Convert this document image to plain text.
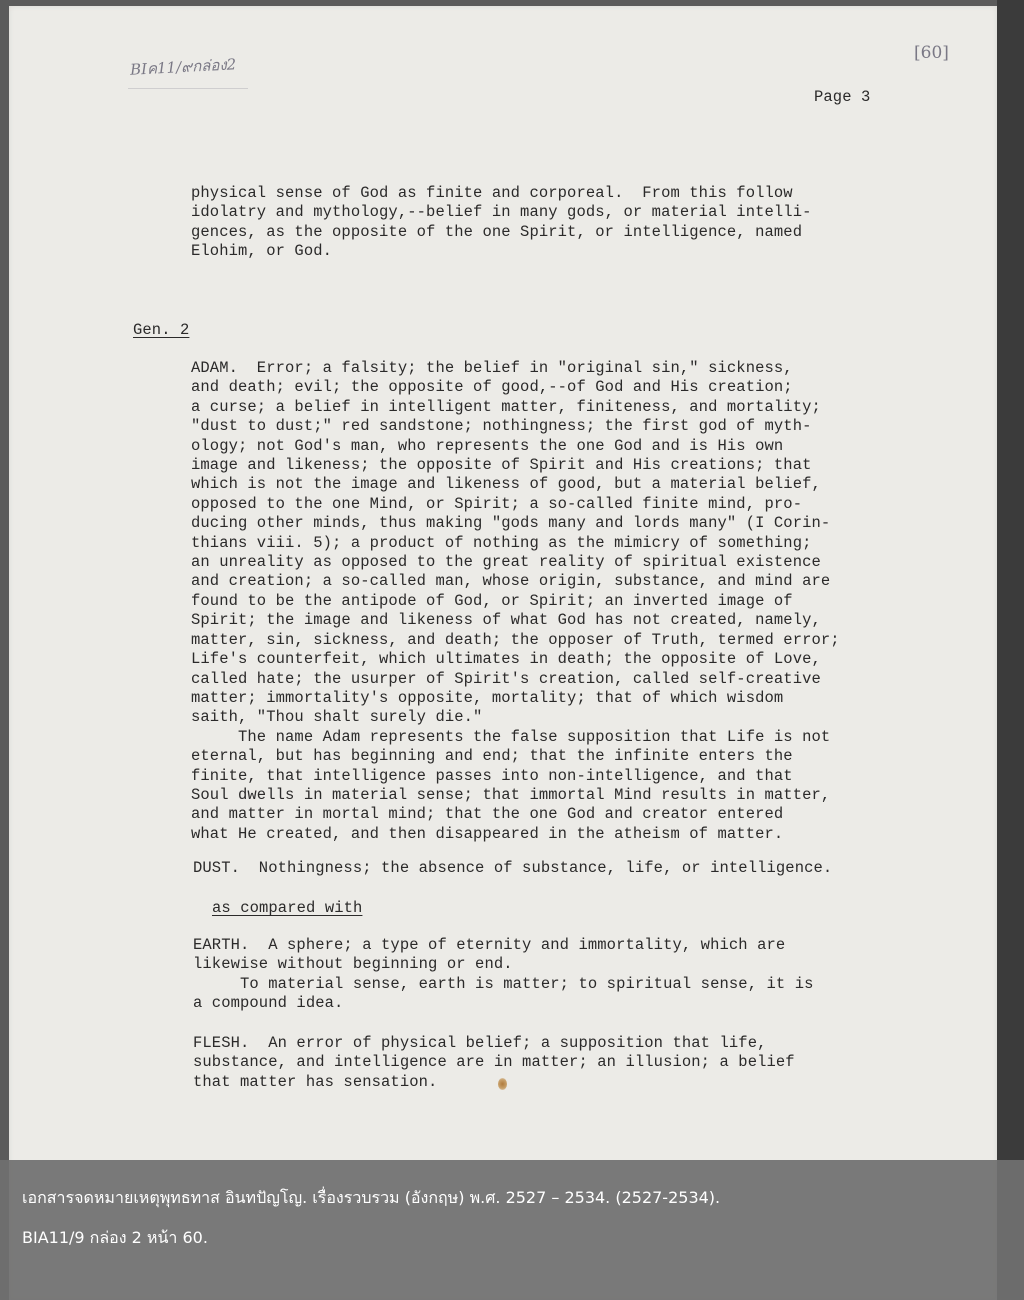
BIค11/๙กล่อง2
[60]
Page 3
physical sense of God as finite and corporeal.  From this follow
idolatry and mythology,--belief in many gods, or material intelli-
gences, as the opposite of the one Spirit, or intelligence, named
Elohim, or God.
Gen. 2
ADAM.  Error; a falsity; the belief in "original sin," sickness,
and death; evil; the opposite of good,--of God and His creation;
a curse; a belief in intelligent matter, finiteness, and mortality;
"dust to dust;" red sandstone; nothingness; the first god of myth-
ology; not God's man, who represents the one God and is His own
image and likeness; the opposite of Spirit and His creations; that
which is not the image and likeness of good, but a material belief,
opposed to the one Mind, or Spirit; a so-called finite mind, pro-
ducing other minds, thus making "gods many and lords many" (I Corin-
thians viii. 5); a product of nothing as the mimicry of something;
an unreality as opposed to the great reality of spiritual existence
and creation; a so-called man, whose origin, substance, and mind are
found to be the antipode of God, or Spirit; an inverted image of
Spirit; the image and likeness of what God has not created, namely,
matter, sin, sickness, and death; the opposer of Truth, termed error;
Life's counterfeit, which ultimates in death; the opposite of Love,
called hate; the usurper of Spirit's creation, called self-creative
matter; immortality's opposite, mortality; that of which wisdom
saith, "Thou shalt surely die."
The name Adam represents the false supposition that Life is not
eternal, but has beginning and end; that the infinite enters the
finite, that intelligence passes into non-intelligence, and that
Soul dwells in material sense; that immortal Mind results in matter,
and matter in mortal mind; that the one God and creator entered
what He created, and then disappeared in the atheism of matter.
DUST.  Nothingness; the absence of substance, life, or intelligence.
as compared with
EARTH.  A sphere; a type of eternity and immortality, which are
likewise without beginning or end.
To material sense, earth is matter; to spiritual sense, it is
a compound idea.
FLESH.  An error of physical belief; a supposition that life,
substance, and intelligence are in matter; an illusion; a belief
that matter has sensation.
เอกสารจดหมายเหตุพุทธทาส อินทปัญโญ. เรื่องรวบรวม (อังกฤษ) พ.ศ. 2527 – 2534. (2527-2534).
BIA11/9 กล่อง 2 หน้า 60.
